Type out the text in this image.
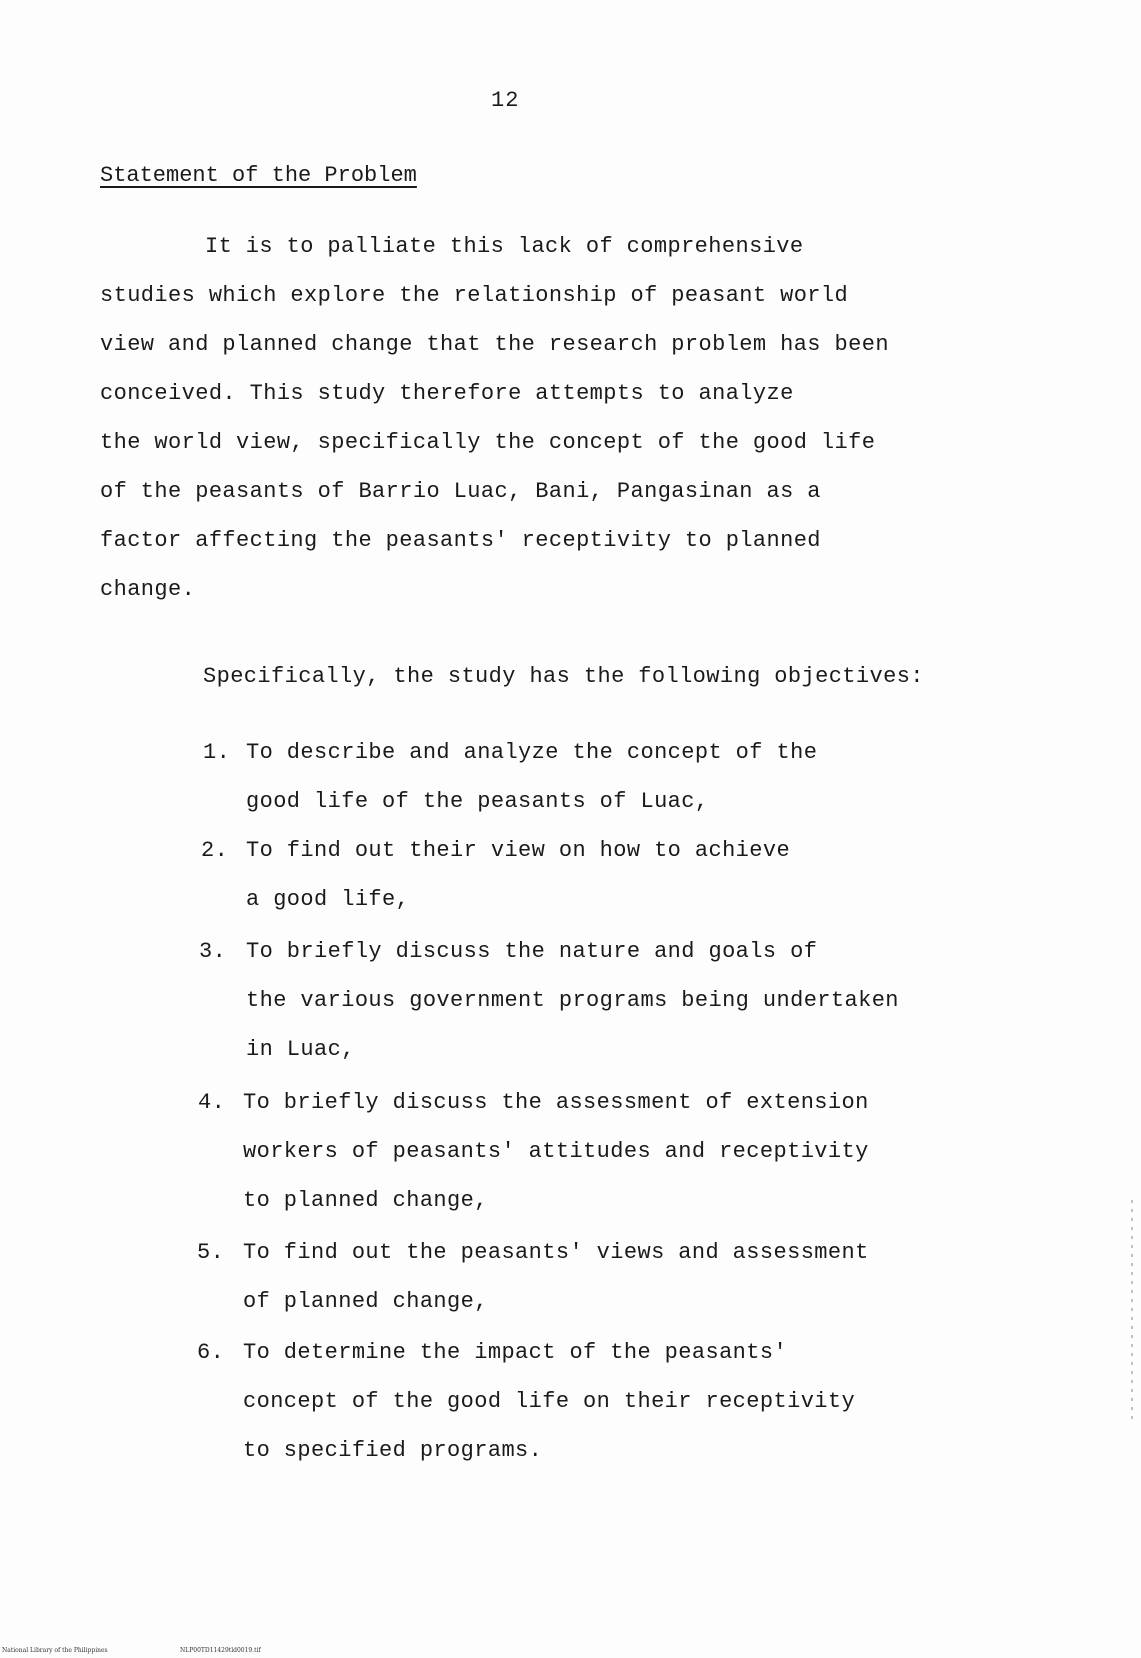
12
Statement of the Problem
It is to palliate this lack of comprehensive
studies which explore the relationship of peasant world
view and planned change that the research problem has been
conceived. This study therefore attempts to analyze
the world view, specifically the concept of the good life
of the peasants of Barrio Luac, Bani, Pangasinan as a
factor affecting the peasants' receptivity to planned
change.
Specifically, the study has the following objectives:
1. To describe and analyze the concept of the
good life of the peasants of Luac,
2. To find out their view on how to achieve
a good life,
3. To briefly discuss the nature and goals of
the various government programs being undertaken
in Luac,
4. To briefly discuss the assessment of extension
workers of peasants' attitudes and receptivity
to planned change,
5. To find out the peasants' views and assessment
of planned change,
6. To determine the impact of the peasants'
concept of the good life on their receptivity
to specified programs.
National Library of the Philippines	NLP00TD11429tld0019.tif
